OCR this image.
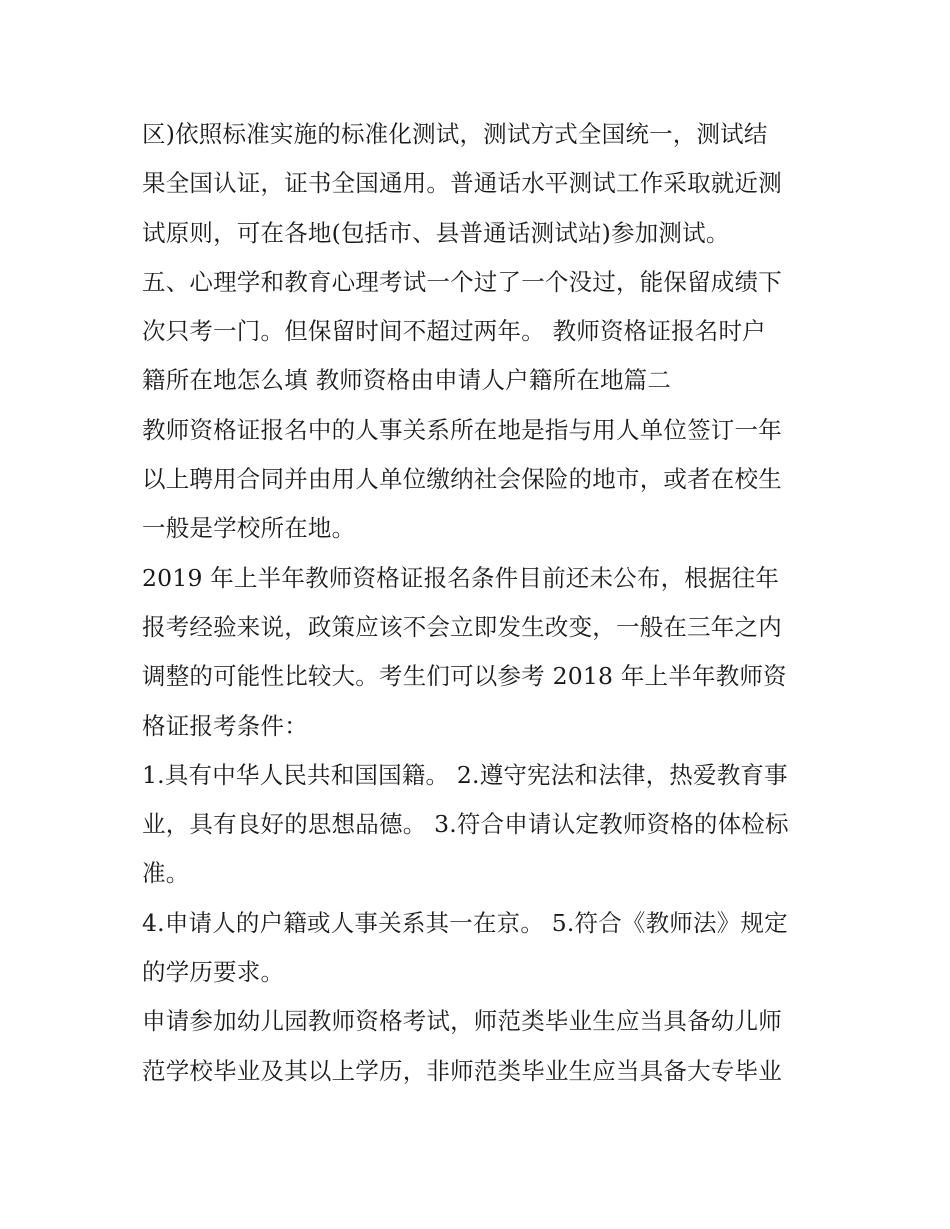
区)依照标准实施的标准化测试，测试方式全国统一，测试结
果全国认证，证书全国通用。普通话水平测试工作采取就近测
试原则，可在各地(包括市、县普通话测试站)参加测试。
五、心理学和教育心理考试一个过了一个没过，能保留成绩下
次只考一门。但保留时间不超过两年。 教师资格证报名时户
籍所在地怎么填 教师资格由申请人户籍所在地篇二
教师资格证报名中的人事关系所在地是指与用人单位签订一年
以上聘用合同并由用人单位缴纳社会保险的地市，或者在校生
一般是学校所在地。
2019 年上半年教师资格证报名条件目前还未公布，根据往年
报考经验来说，政策应该不会立即发生改变，一般在三年之内
调整的可能性比较大。考生们可以参考 2018 年上半年教师资
格证报考条件：
1.具有中华人民共和国国籍。 2.遵守宪法和法律，热爱教育事
业，具有良好的思想品德。 3.符合申请认定教师资格的体检标
准。
4.申请人的户籍或人事关系其一在京。 5.符合《教师法》规定
的学历要求。
申请参加幼儿园教师资格考试，师范类毕业生应当具备幼儿师
范学校毕业及其以上学历，非师范类毕业生应当具备大专毕业
